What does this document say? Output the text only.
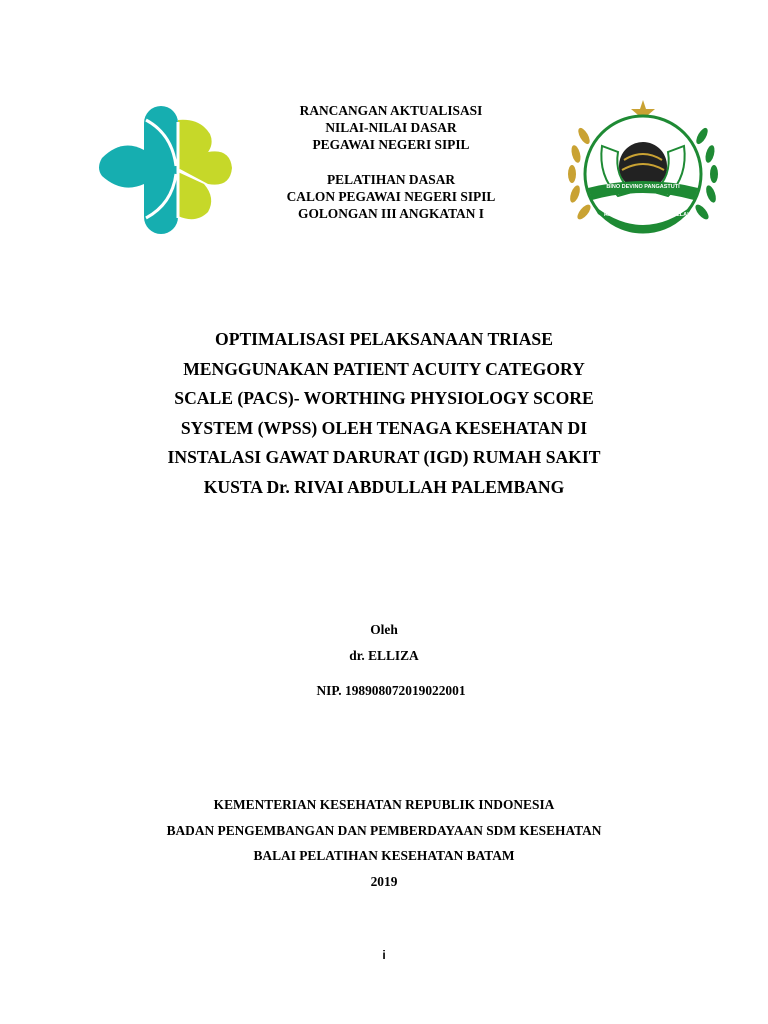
RANCANGAN AKTUALISASI
NILAI-NILAI DASAR
PEGAWAI NEGERI SIPIL
PELATIHAN DASAR
CALON PEGAWAI NEGERI SIPIL
GOLONGAN III ANGKATAN I
BINO DEVINO PANGASTUTI
R.S. KUSTA Dr. RIVAI ABDULLAH
OPTIMALISASI PELAKSANAAN TRIASE
MENGGUNAKAN PATIENT ACUITY CATEGORY
SCALE (PACS)- WORTHING PHYSIOLOGY SCORE
SYSTEM (WPSS) OLEH TENAGA KESEHATAN DI
INSTALASI GAWAT DARURAT (IGD) RUMAH SAKIT
KUSTA Dr. RIVAI ABDULLAH PALEMBANG
Oleh
dr. ELLIZA
NIP. 198908072019022001
KEMENTERIAN KESEHATAN REPUBLIK INDONESIA
BADAN PENGEMBANGAN DAN PEMBERDAYAAN SDM KESEHATAN
BALAI PELATIHAN KESEHATAN BATAM
2019
i
